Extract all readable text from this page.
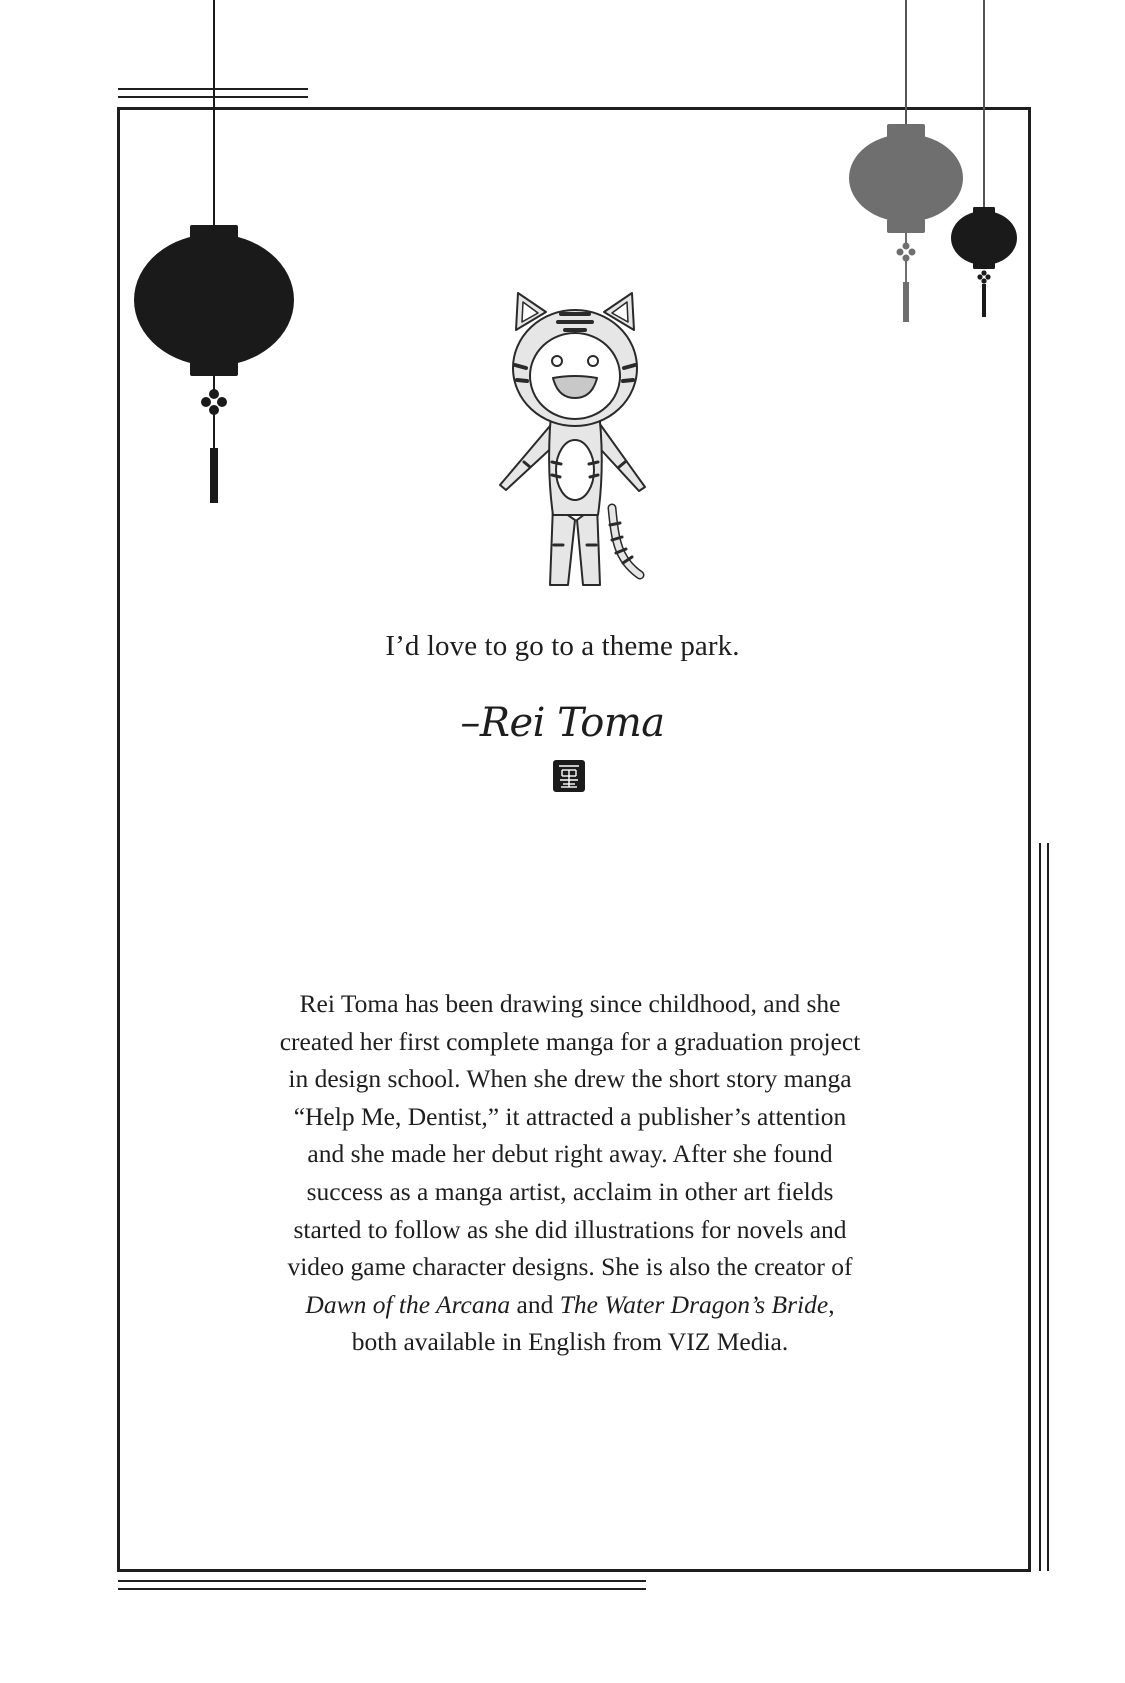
I’d love to go to a theme park.
–Rei Toma
Rei Toma has been drawing since childhood, and she
created her first complete manga for a graduation project
in design school. When she drew the short story manga
“Help Me, Dentist,” it attracted a publisher’s attention
and she made her debut right away. After she found
success as a manga artist, acclaim in other art fields
started to follow as she did illustrations for novels and
video game character designs. She is also the creator of
Dawn of the Arcana and The Water Dragon’s Bride,
both available in English from VIZ Media.
